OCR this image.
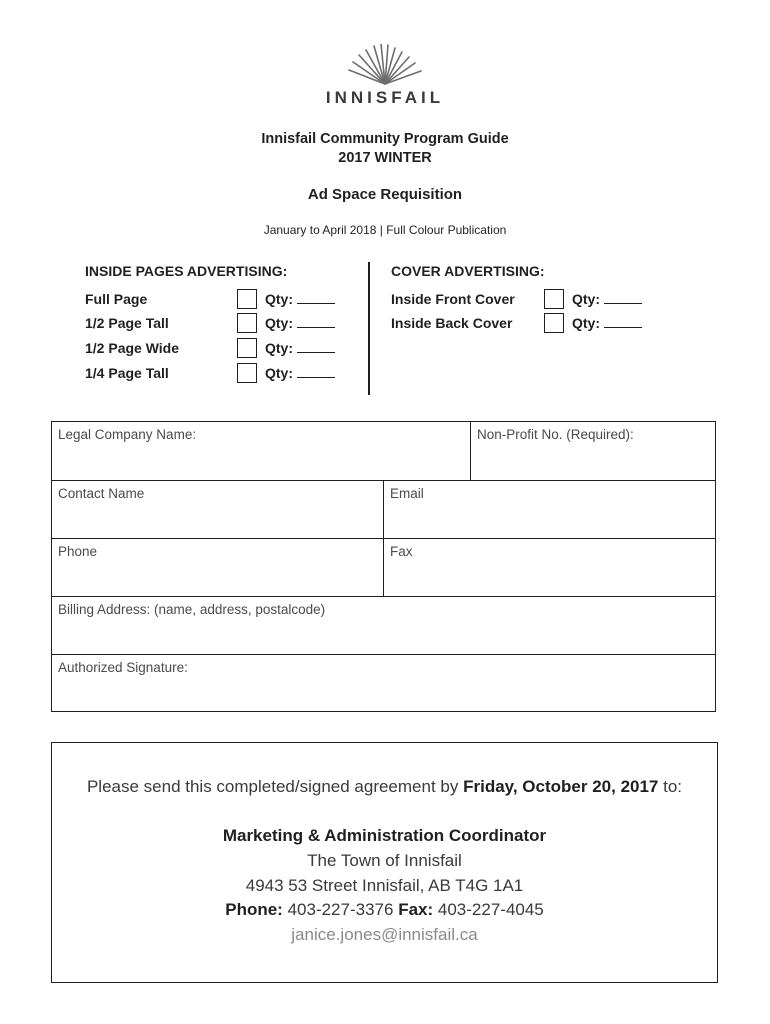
INNISFAIL
Innisfail Community Program Guide
2017 WINTER
Ad Space Requisition
January to April 2018 | Full Colour Publication
INSIDE PAGES ADVERTISING:
Full Page	Qty:
1/2 Page Tall	Qty:
1/2 Page Wide	Qty:
1/4 Page Tall	Qty:
COVER ADVERTISING:
Inside Front Cover	Qty:
Inside Back Cover	Qty:
Legal Company Name:	Non-Profit No. (Required):
Contact Name	Email
Phone	Fax
Billing Address: (name, address, postalcode)
Authorized Signature:
Please send this completed/signed agreement by Friday, October 20, 2017 to:
Marketing & Administration Coordinator
The Town of Innisfail
4943 53 Street Innisfail, AB T4G 1A1
Phone: 403-227-3376 Fax: 403-227-4045
janice.jones@innisfail.ca
